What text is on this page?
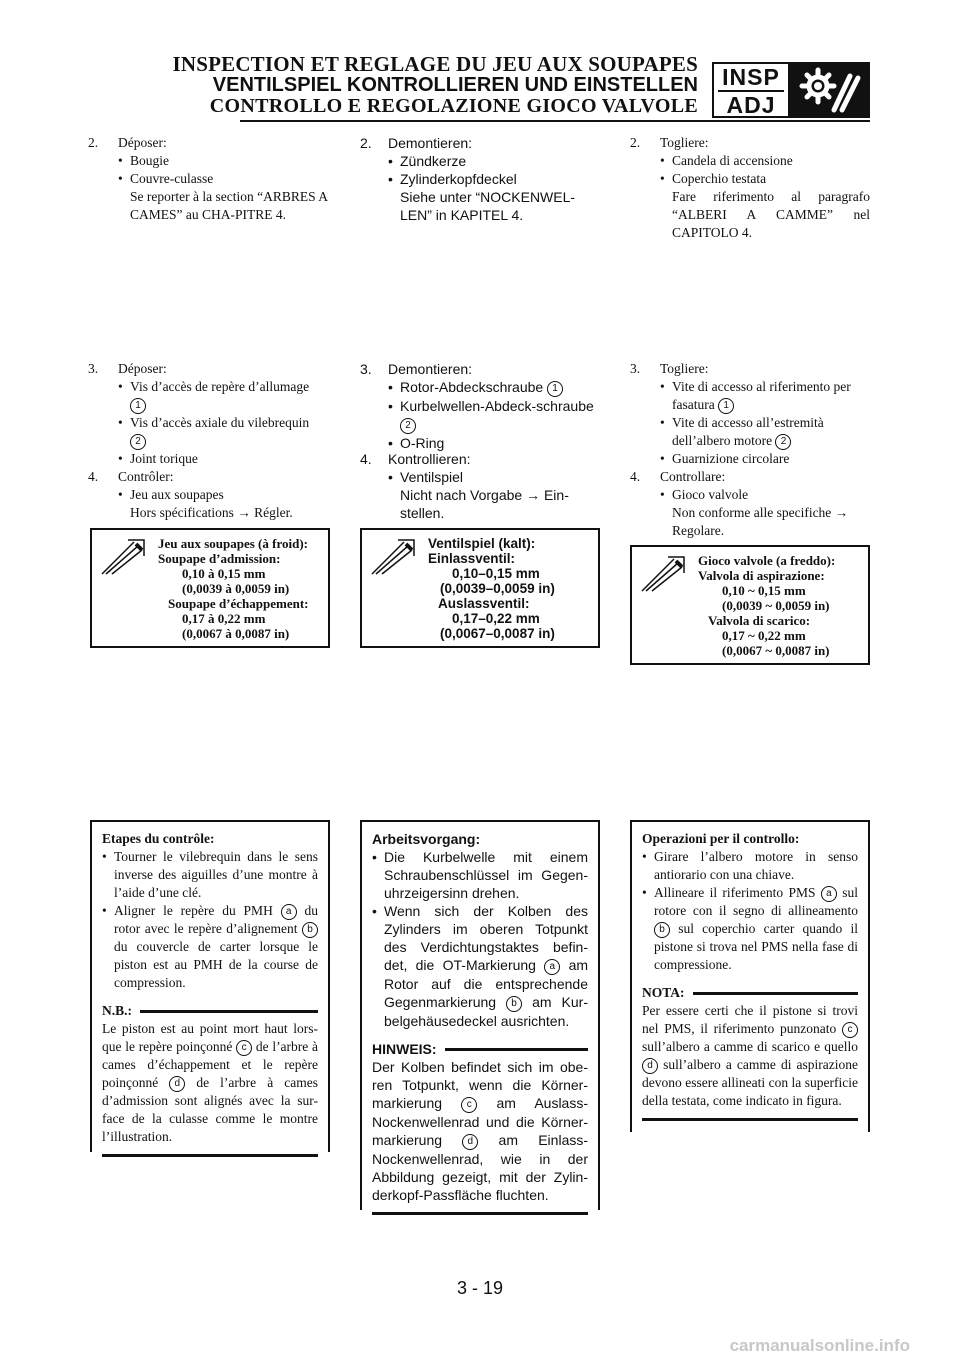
INSPECTION ET REGLAGE DU JEU AUX SOUPAPES
VENTILSPIEL KONTROLLIEREN UND EINSTELLEN
CONTROLLO E REGOLAZIONE GIOCO VALVOLE
INSP
ADJ
2. Déposer:
• Bougie
• Couvre-culasse
Se reporter à la section “ARBRES A CAMES” au CHA-PITRE 4.
3. Déposer:
• Vis d’accès de repère d’allumage
1
• Vis d’accès axiale du vilebrequin
2
• Joint torique
4. Contrôler:
• Jeu aux soupapes
Hors spécifications → Régler.
Jeu aux soupapes (à froid):
Soupape d’admission:
0,10 à 0,15 mm
(0,0039 à 0,0059 in)
Soupape d’échappement:
0,17 à 0,22 mm
(0,0067 à 0,0087 in)
Etapes du contrôle:
• Tourner le vilebrequin dans le sens inverse des aiguilles d’une montre à l’aide d’une clé.
• Aligner le repère du PMH a du rotor avec le repère d’alignement b du couvercle de carter lorsque le piston est au PMH de la course de compression.
N.B.:
Le piston est au point mort haut lors-que le repère poinçonné c de l’arbre à cames d’échappement et le repère poinçonné d de l’arbre à cames d’admission sont alignés avec la sur-face de la culasse comme le montre l’illustration.
2. Demontieren:
• Zündkerze
• Zylinderkopfdeckel
Siehe unter “NOCKENWEL-LEN” in KAPITEL 4.
3. Demontieren:
• Rotor-Abdeckschraube 1
• Kurbelwellen-Abdeck-schraube 2
• O-Ring
4. Kontrollieren:
• Ventilspiel
Nicht nach Vorgabe → Ein-stellen.
Ventilspiel (kalt):
Einlassventil:
0,10–0,15 mm
(0,0039–0,0059 in)
Auslassventil:
0,17–0,22 mm
(0,0067–0,0087 in)
Arbeitsvorgang:
• Die Kurbelwelle mit einem Schraubenschlüssel im Gegen-uhrzeigersinn drehen.
• Wenn sich der Kolben des Zylinders im oberen Totpunkt des Verdichtungstaktes befin-det, die OT-Markierung a am Rotor auf die entsprechende Gegenmarkierung b am Kur-belgehäusedeckel ausrichten.
HINWEIS:
Der Kolben befindet sich im obe-ren Totpunkt, wenn die Körner-markierung c am Auslass-Nockenwellenrad und die Körner-markierung	d am Einlass-Nockenwellenrad, wie in der Abbildung gezeigt, mit der Zylin-derkopf-Passfläche fluchten.
2. Togliere:
• Candela di accensione
• Coperchio testata
Fare riferimento al paragrafo “ALBERI A CAMME” nel CAPITOLO 4.
3. Togliere:
• Vite di accesso al riferimento per fasatura 1
• Vite di accesso all’estremità dell’albero motore 2
• Guarnizione circolare
4. Controllare:
• Gioco valvole
Non conforme alle specifiche → Regolare.
Gioco valvole (a freddo):
Valvola di aspirazione:
0,10 ~ 0,15 mm
(0,0039 ~ 0,0059 in)
Valvola di scarico:
0,17 ~ 0,22 mm
(0,0067 ~ 0,0087 in)
Operazioni per il controllo:
• Girare l’albero motore in senso antiorario con una chiave.
• Allineare il riferimento PMS a sul rotore con il segno di allineamento b sul coperchio carter quando il pistone si trova nel PMS nella fase di compressione.
NOTA:
Per essere certi che il pistone si trovi nel PMS, il riferimento punzonato c sull’albero a camme di scarico e quello d sull’albero a camme di aspirazione devono essere allineati con la superficie della testata, come indicato in figura.
3 - 19
carmanualsonline.info
